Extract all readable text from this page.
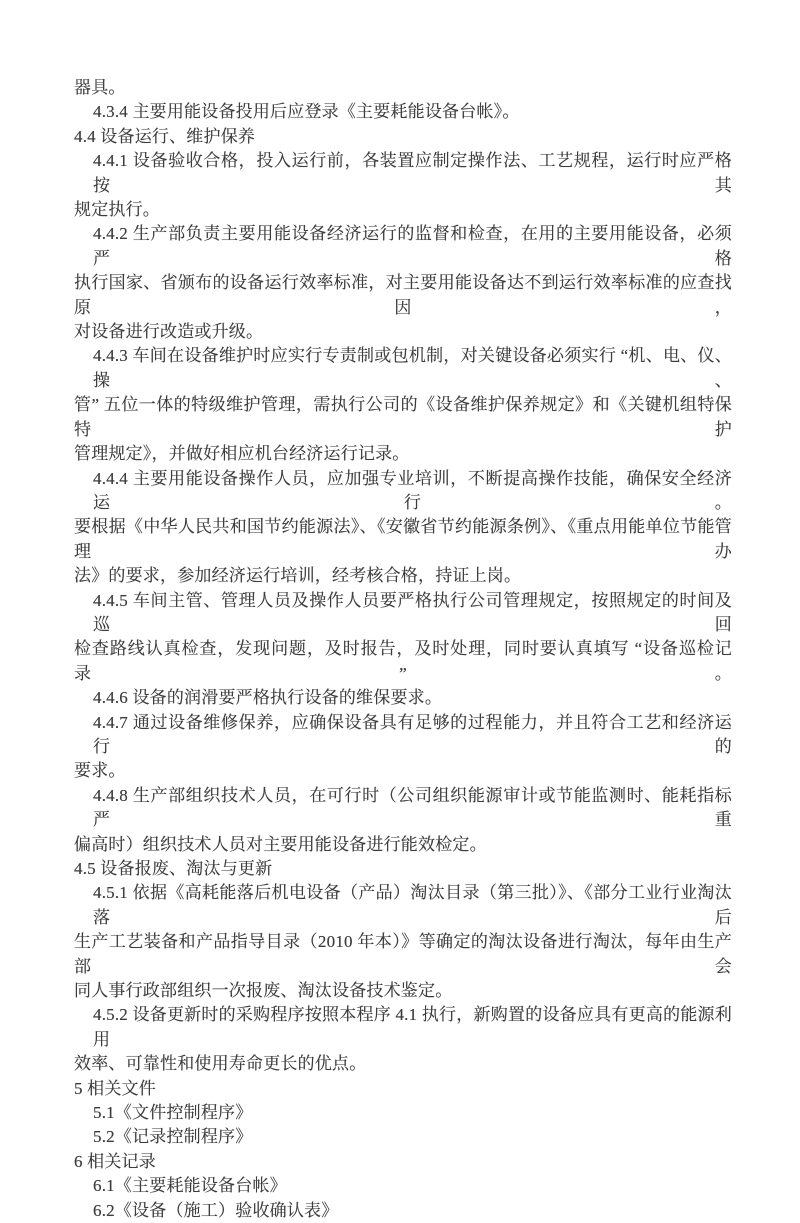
器具。
4.3.4 主要用能设备投用后应登录《主要耗能设备台帐》。
4.4 设备运行、维护保养
4.4.1 设备验收合格，投入运行前，各装置应制定操作法、工艺规程，运行时应严格按其
规定执行。
4.4.2 生产部负责主要用能设备经济运行的监督和检查，在用的主要用能设备，必须严格
执行国家、省颁布的设备运行效率标准，对主要用能设备达不到运行效率标准的应查找原因，
对设备进行改造或升级。
4.4.3 车间在设备维护时应实行专责制或包机制，对关键设备必须实行 “机、电、仪、操、
管” 五位一体的特级维护管理，需执行公司的《设备维护保养规定》和《关键机组特保特护
管理规定》，并做好相应机台经济运行记录。
4.4.4 主要用能设备操作人员，应加强专业培训，不断提高操作技能，确保安全经济运行。
要根据《中华人民共和国节约能源法》、《安徽省节约能源条例》、《重点用能单位节能管理办
法》的要求，参加经济运行培训，经考核合格，持证上岗。
4.4.5 车间主管、管理人员及操作人员要严格执行公司管理规定，按照规定的时间及巡回
检查路线认真检查，发现问题，及时报告，及时处理，同时要认真填写 “设备巡检记录”。
4.4.6 设备的润滑要严格执行设备的维保要求。
4.4.7 通过设备维修保养，应确保设备具有足够的过程能力，并且符合工艺和经济运行的
要求。
4.4.8 生产部组织技术人员，在可行时（公司组织能源审计或节能监测时、能耗指标严重
偏高时）组织技术人员对主要用能设备进行能效检定。
4.5 设备报废、淘汰与更新
4.5.1 依据《高耗能落后机电设备（产品）淘汰目录（第三批）》、《部分工业行业淘汰落后
生产工艺装备和产品指导目录（2010 年本）》等确定的淘汰设备进行淘汰，每年由生产部会
同人事行政部组织一次报废、淘汰设备技术鉴定。
4.5.2 设备更新时的采购程序按照本程序 4.1 执行，新购置的设备应具有更高的能源利用
效率、可靠性和使用寿命更长的优点。
5 相关文件
5.1《文件控制程序》
5.2《记录控制程序》
6 相关记录
6.1《主要耗能设备台帐》
6.2《设备（施工）验收确认表》
